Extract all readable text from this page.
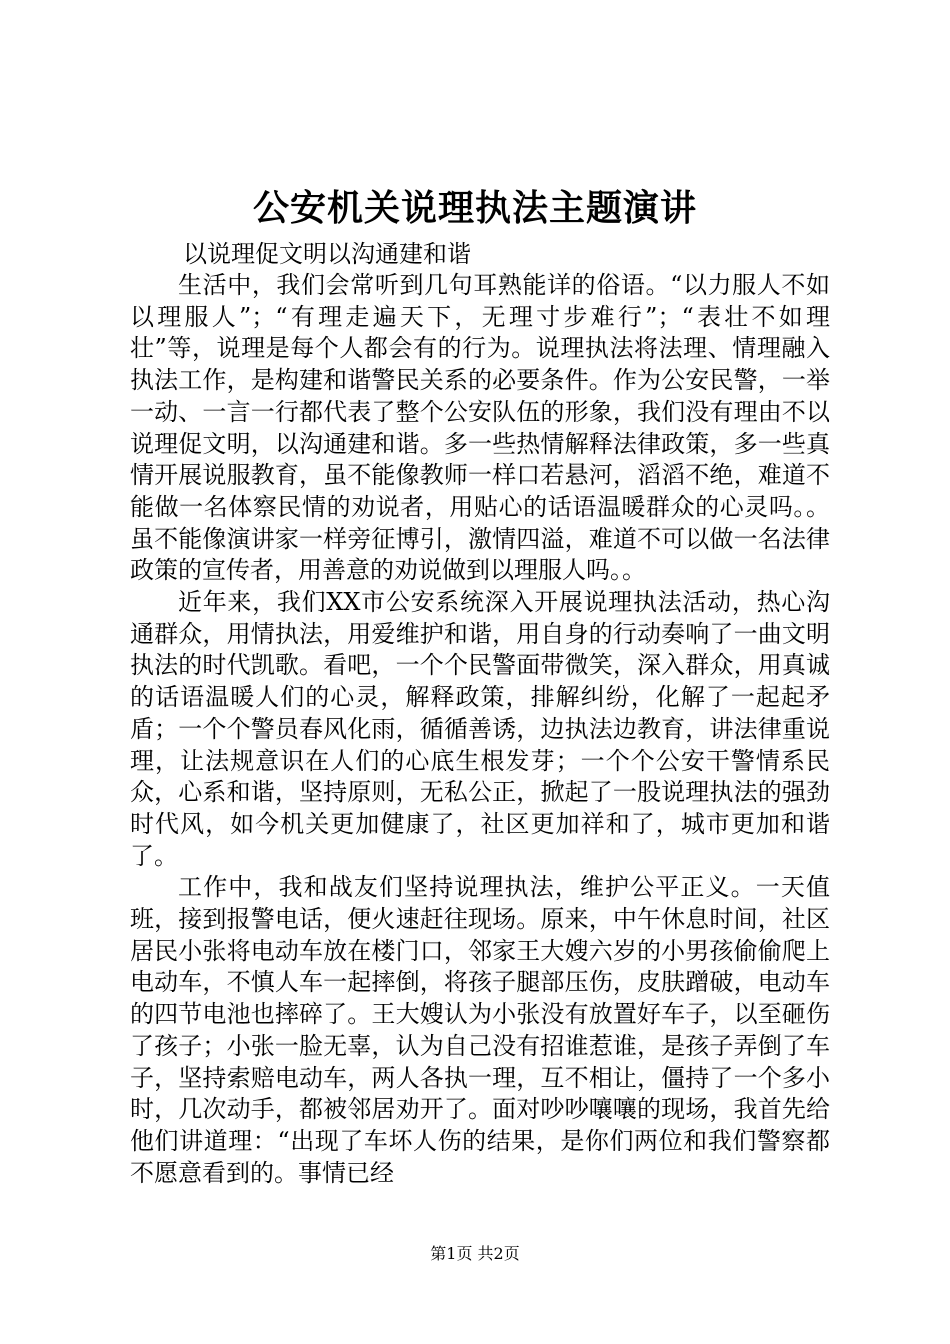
公安机关说理执法主题演讲
以说理促文明以沟通建和谐

生活中，我们会常听到几句耳熟能详的俗语。“以力服人不如以理服人”；“有理走遍天下，无理寸步难行”；“表壮不如理壮”等，说理是每个人都会有的行为。说理执法将法理、情理融入执法工作，是构建和谐警民关系的必要条件。作为公安民警，一举一动、一言一行都代表了整个公安队伍的形象，我们没有理由不以说理促文明，以沟通建和谐。多一些热情解释法律政策，多一些真情开展说服教育，虽不能像教师一样口若悬河，滔滔不绝，难道不能做一名体察民情的劝说者，用贴心的话语温暖群众的心灵吗。。虽不能像演讲家一样旁征博引，激情四溢，难道不可以做一名法律政策的宣传者，用善意的劝说做到以理服人吗。。

近年来，我们XX市公安系统深入开展说理执法活动，热心沟通群众，用情执法，用爱维护和谐，用自身的行动奏响了一曲文明执法的时代凯歌。看吧，一个个民警面带微笑，深入群众，用真诚的话语温暖人们的心灵，解释政策，排解纠纷，化解了一起起矛盾；一个个警员春风化雨，循循善诱，边执法边教育，讲法律重说理，让法规意识在人们的心底生根发芽；一个个公安干警情系民众，心系和谐，坚持原则，无私公正，掀起了一股说理执法的强劲时代风，如今机关更加健康了，社区更加祥和了，城市更加和谐了。

工作中，我和战友们坚持说理执法，维护公平正义。一天值班，接到报警电话，便火速赶往现场。原来，中午休息时间，社区居民小张将电动车放在楼门口，邻家王大嫂六岁的小男孩偷偷爬上电动车，不慎人车一起摔倒，将孩子腿部压伤，皮肤蹭破，电动车的四节电池也摔碎了。王大嫂认为小张没有放置好车子，以至砸伤了孩子；小张一脸无辜，认为自己没有招谁惹谁，是孩子弄倒了车子，坚持索赔电动车，两人各执一理，互不相让，僵持了一个多小时，几次动手，都被邻居劝开了。面对吵吵嚷嚷的现场，我首先给他们讲道理：“出现了车坏人伤的结果，是你们两位和我们警察都不愿意看到的。事情已经

第1页 共2页
